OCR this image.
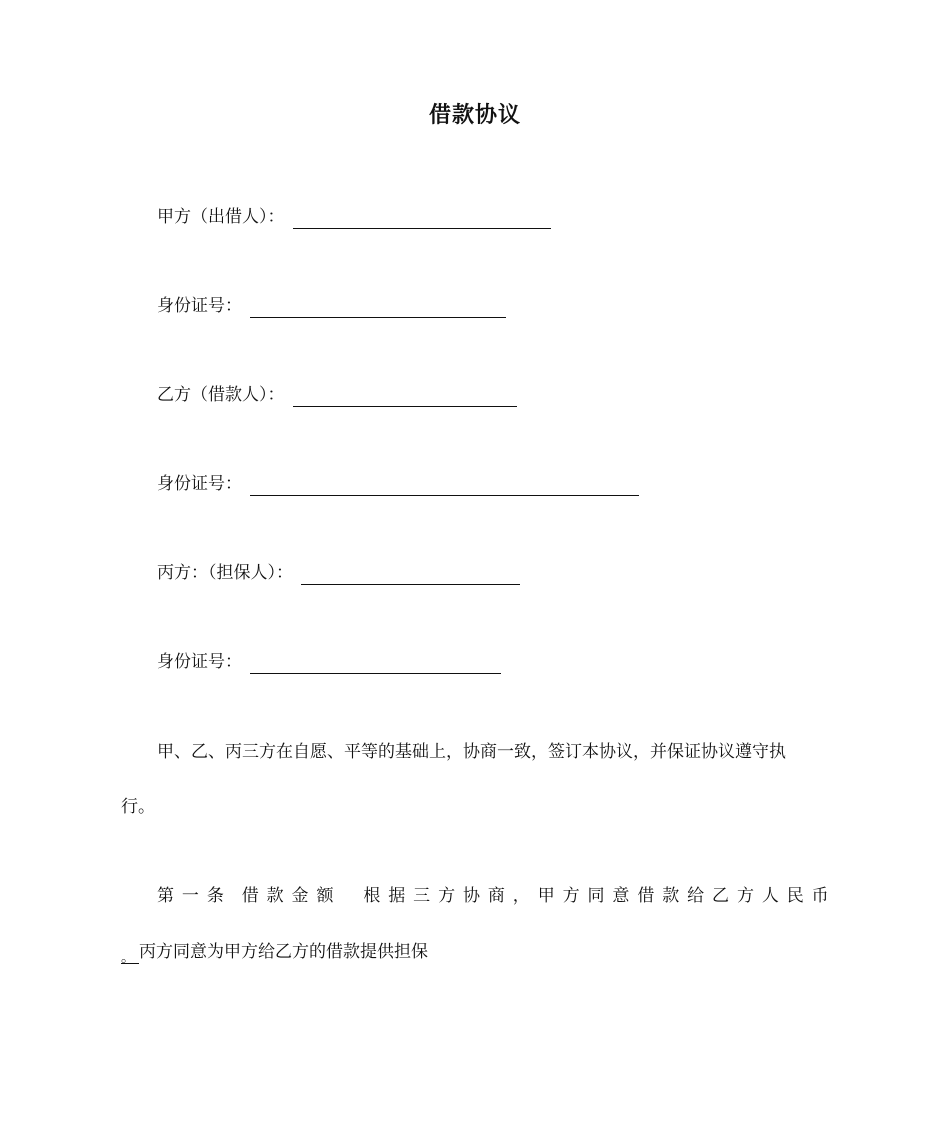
借款协议
甲方（出借人）：
身份证号：
乙方（借款人）：
身份证号：
丙方：（担保人）：
身份证号：
甲、乙、丙三方在自愿、平等的基础上，协商一致，签订本协议，并保证协议遵守执
行。
第 一 条 借 款 金 额 根 据 三 方 协 商 ， 甲 方 同 意 借 款 给 乙 方 人 民 币
。 丙方同意为甲方给乙方的借款提供担保
